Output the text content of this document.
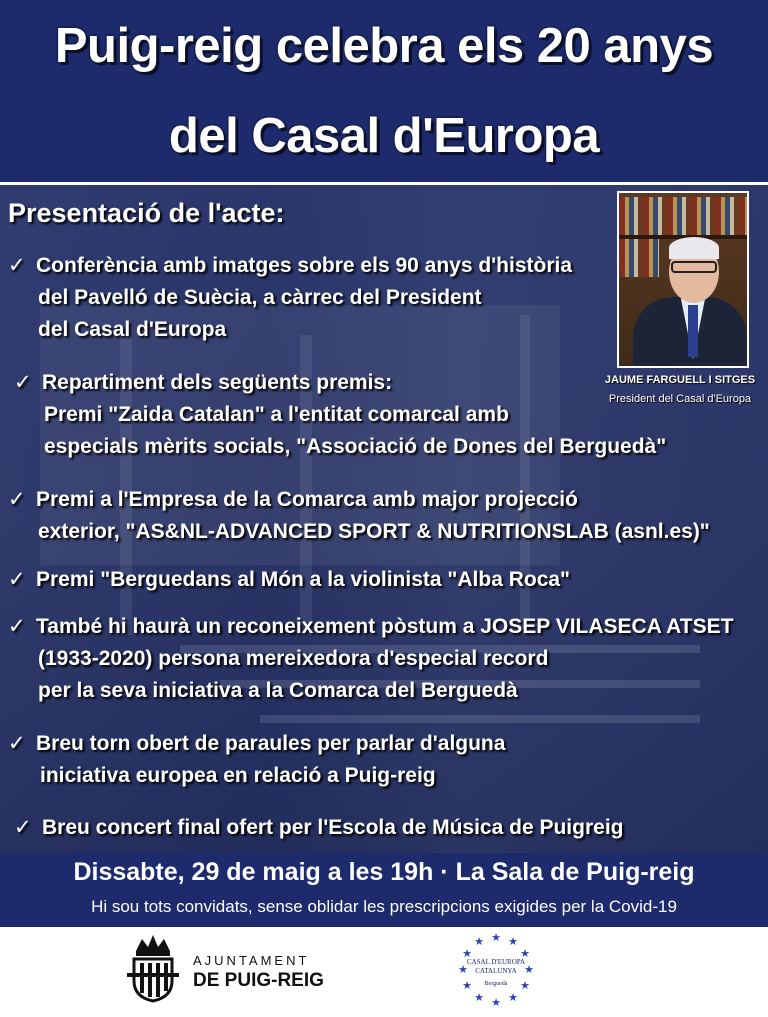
Puig-reig celebra els 20 anys
del Casal d'Europa
Presentació de l'acte:
✓ Conferència amb imatges sobre els 90 anys d'història
del Pavelló de Suècia, a càrrec del President
del Casal d'Europa
✓ Repartiment dels següents premis:
Premi "Zaida Catalan" a l'entitat comarcal amb
especials mèrits socials, "Associació de Dones del Berguedà"
✓ Premi a l'Empresa de la Comarca amb major projecció
exterior, "AS&NL-ADVANCED SPORT & NUTRITIONSLAB (asnl.es)"
✓ Premi "Berguedans al Món a la violinista "Alba Roca"
✓ També hi haurà un reconeixement pòstum a JOSEP VILASECA ATSET
(1933-2020) persona mereixedora d'especial record
per la seva iniciativa a la Comarca del Berguedà
✓ Breu torn obert de paraules per parlar d'alguna
iniciativa europea en relació a Puig-reig
✓ Breu concert final ofert per l'Escola de Música de Puigreig
JAUME FARGUELL I SITGES
President del Casal d'Europa
Dissabte, 29 de maig a les 19h · La Sala de Puig-reig
Hi sou tots convidats, sense oblidar les prescripcions exigides per la Covid-19
AJUNTAMENT
DE PUIG-REIG
★ ★
★
★
★
★
★
★
★
★
★
★
CASAL D'EUROPA
CATALUNYA
Berguedà
